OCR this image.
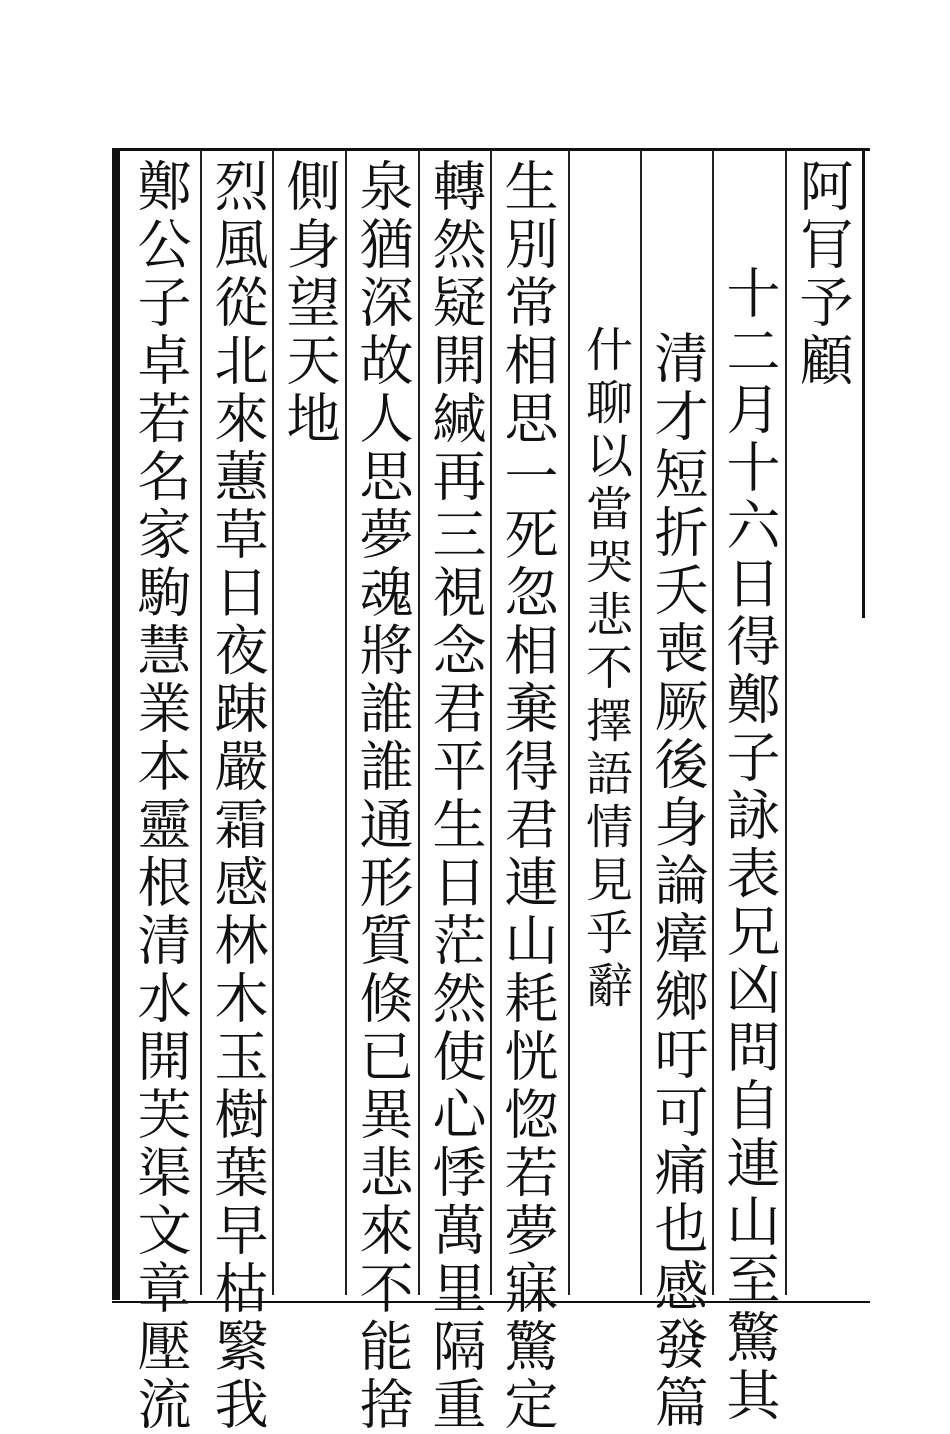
阿肎予顧
十二月十六日得鄭子詠表兄凶問自連山至驚其
清才短折夭喪厥後身論瘴鄉吁可痛也感發篇
什聊以當哭悲不擇語情見乎辭
生別常相思一死忽相棄得君連山耗恍惚若夢寐驚定
轉然疑開緘再三視念君平生日茫然使心悸萬里隔重
泉猶深故人思夢魂將誰誰通形質倏已異悲來不能捨
側身望天地
烈風從北來蕙草日夜踈嚴霜感林木玉樹葉早枯繄我
鄭公子卓若名家駒慧業本靈根清水開芙渠文章壓流
